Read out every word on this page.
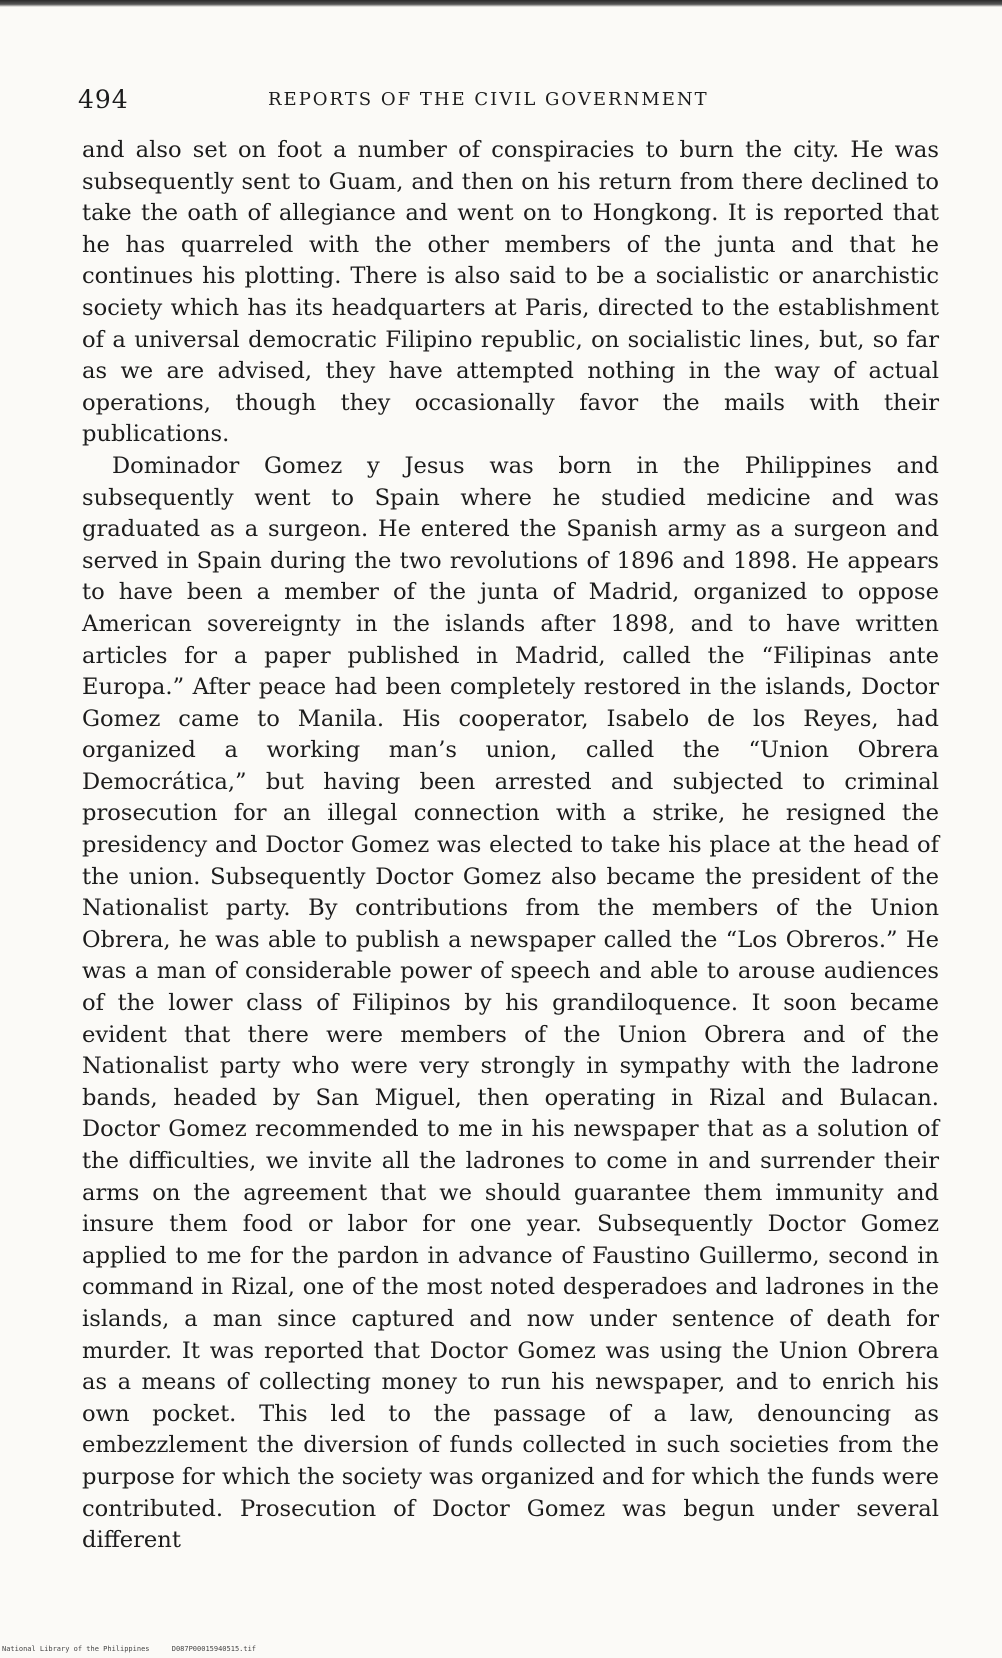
494	REPORTS OF THE CIVIL GOVERNMENT

and also set on foot a number of conspiracies to burn the city. He was subsequently sent to Guam, and then on his return from there declined to take the oath of allegiance and went on to Hongkong. It is reported that he has quarreled with the other members of the junta and that he continues his plotting. There is also said to be a socialistic or anarchistic society which has its headquarters at Paris, directed to the establishment of a universal democratic Filipino republic, on socialistic lines, but, so far as we are advised, they have attempted nothing in the way of actual operations, though they occasionally favor the mails with their publications.

Dominador Gomez y Jesus was born in the Philippines and subsequently went to Spain where he studied medicine and was graduated as a surgeon. He entered the Spanish army as a surgeon and served in Spain during the two revolutions of 1896 and 1898. He appears to have been a member of the junta of Madrid, organized to oppose American sovereignty in the islands after 1898, and to have written articles for a paper published in Madrid, called the “Filipinas ante Europa.” After peace had been completely restored in the islands, Doctor Gomez came to Manila. His cooperator, Isabelo de los Reyes, had organized a working man’s union, called the “Union Obrera Democrática,” but having been arrested and subjected to criminal prosecution for an illegal connection with a strike, he resigned the presidency and Doctor Gomez was elected to take his place at the head of the union. Subsequently Doctor Gomez also became the president of the Nationalist party. By contributions from the members of the Union Obrera, he was able to publish a newspaper called the “Los Obreros.” He was a man of considerable power of speech and able to arouse audiences of the lower class of Filipinos by his grandiloquence. It soon became evident that there were members of the Union Obrera and of the Nationalist party who were very strongly in sympathy with the ladrone bands, headed by San Miguel, then operating in Rizal and Bulacan. Doctor Gomez recommended to me in his newspaper that as a solution of the difficulties, we invite all the ladrones to come in and surrender their arms on the agreement that we should guarantee them immunity and insure them food or labor for one year. Subsequently Doctor Gomez applied to me for the pardon in advance of Faustino Guillermo, second in command in Rizal, one of the most noted desperadoes and ladrones in the islands, a man since captured and now under sentence of death for murder. It was reported that Doctor Gomez was using the Union Obrera as a means of collecting money to run his newspaper, and to enrich his own pocket. This led to the passage of a law, denouncing as embezzlement the diversion of funds collected in such societies from the purpose for which the society was organized and for which the funds were contributed. Prosecution of Doctor Gomez was begun under several different

National Library of the Philippines	D087P00015940515.tif
